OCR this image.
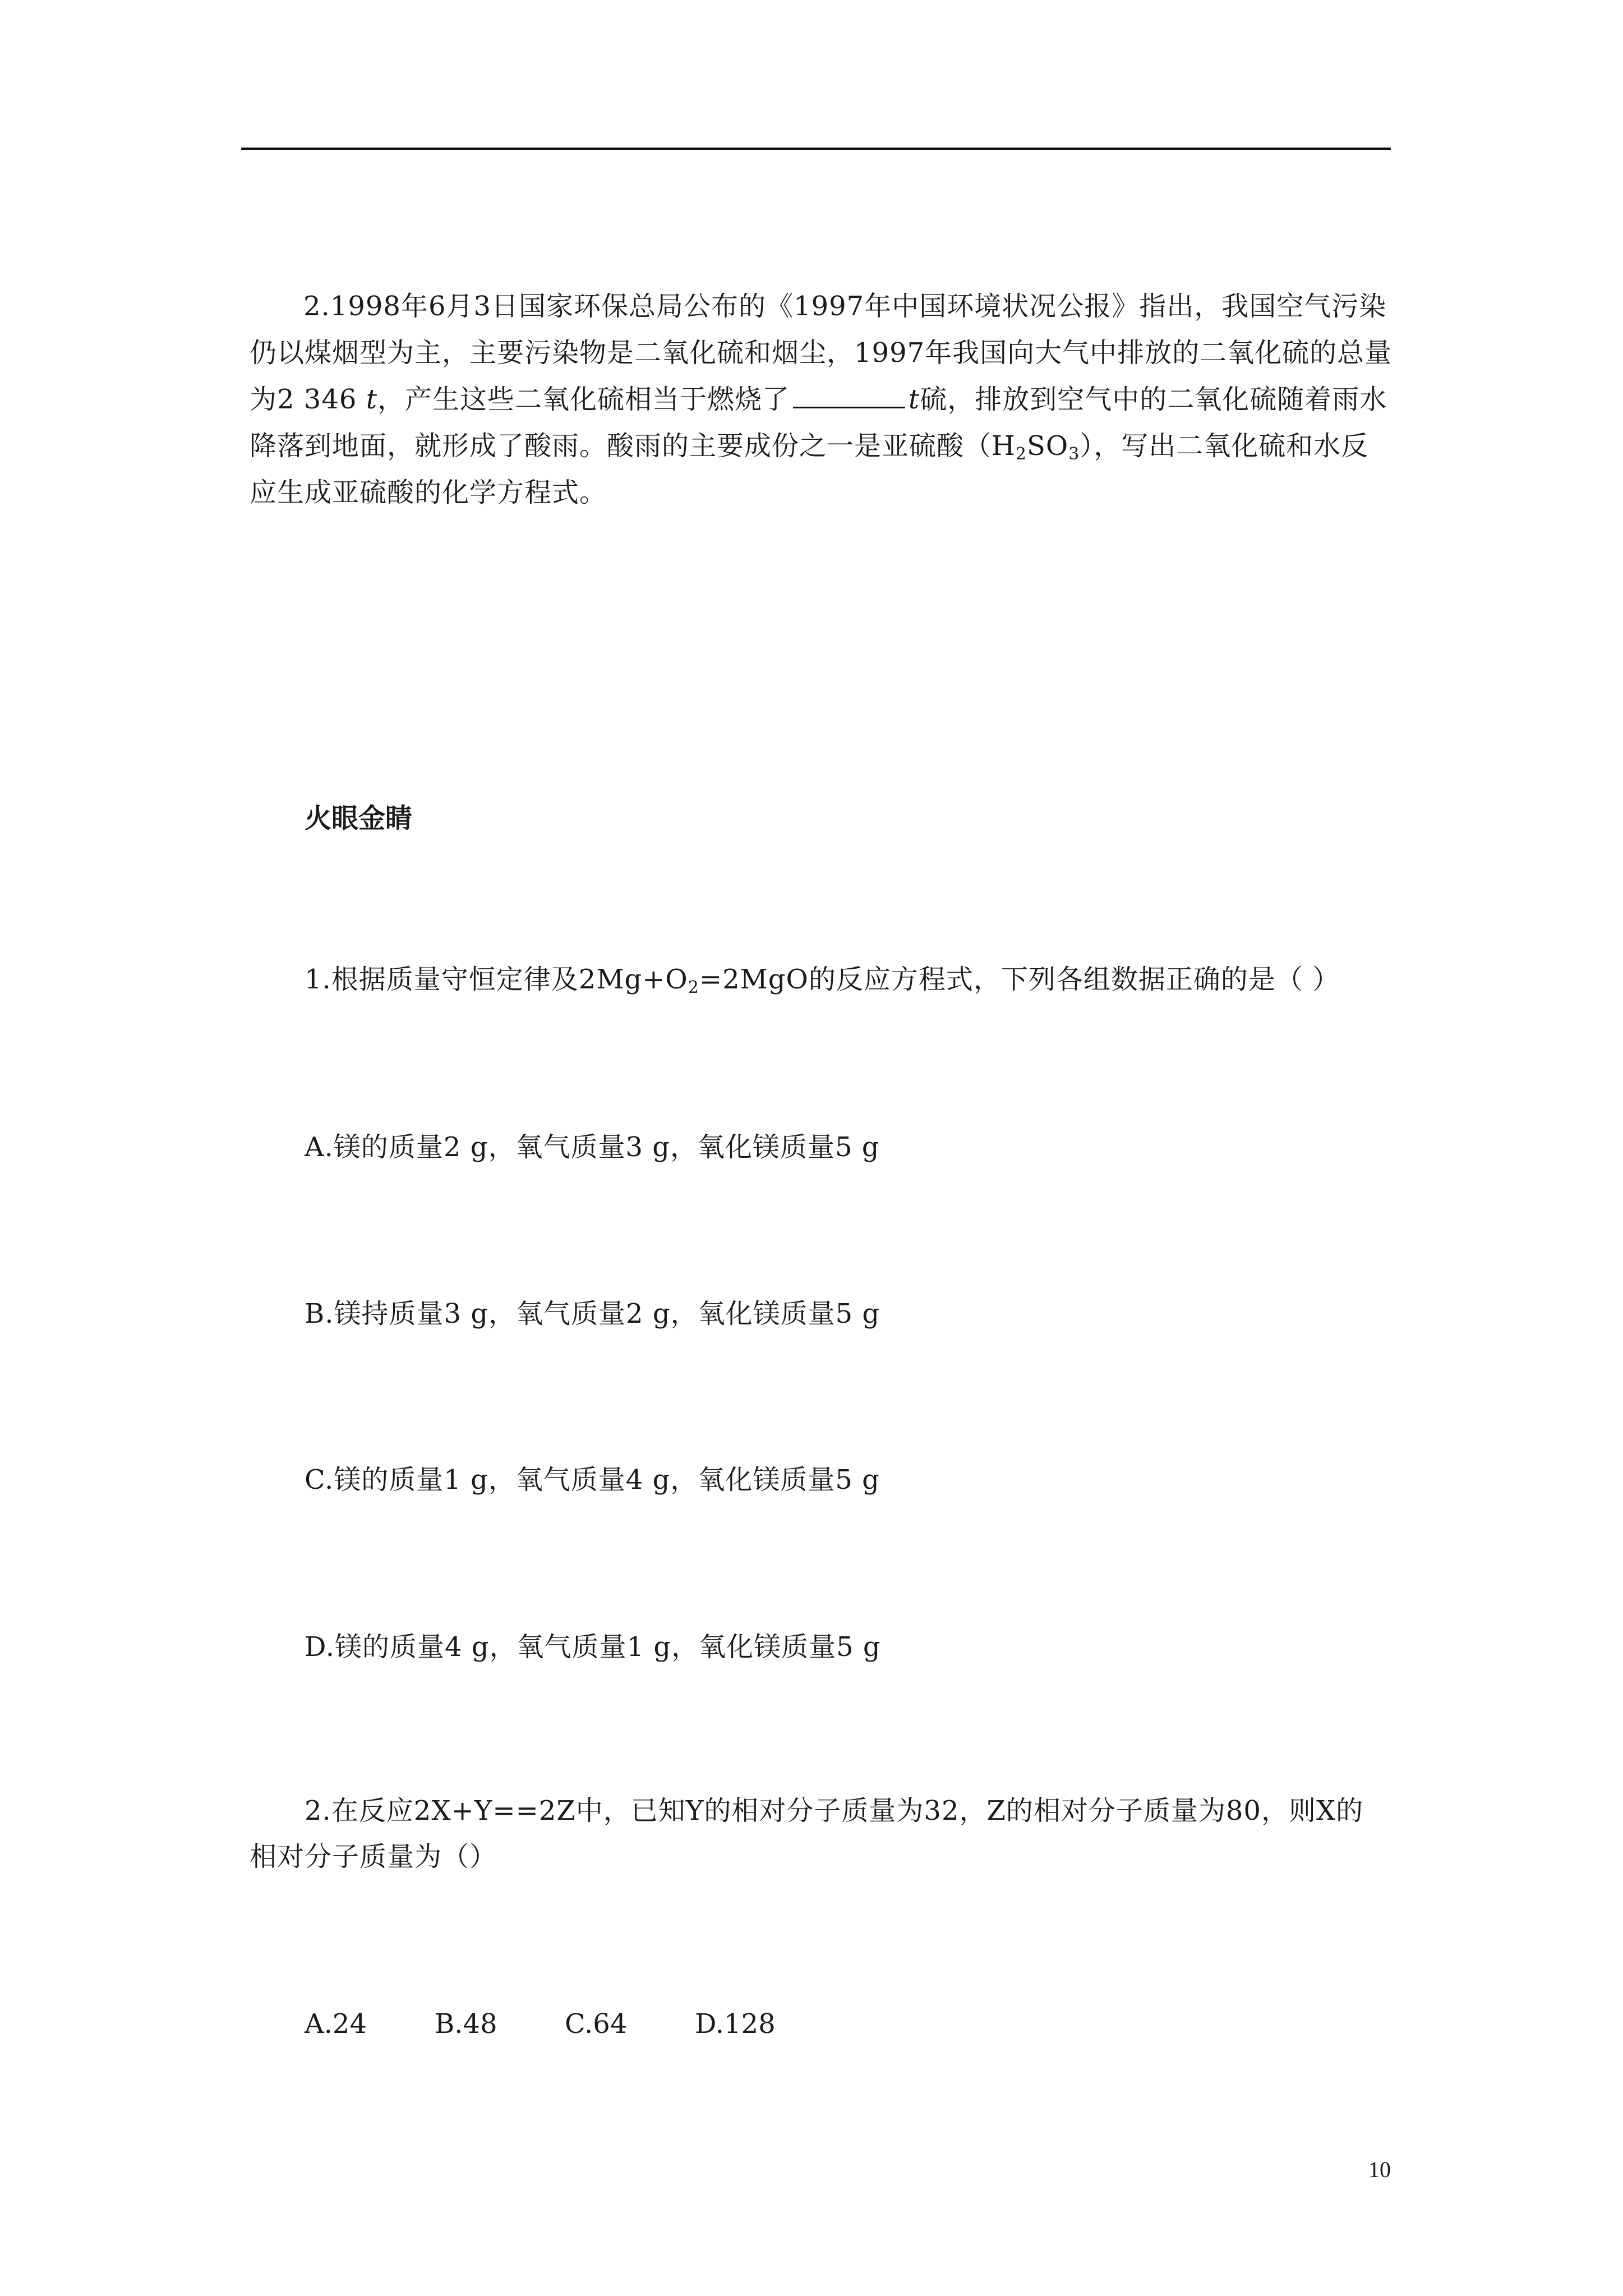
2.1998年6月3日国家环保总局公布的《1997年中国环境状况公报》指出，我国空气污染仍以煤烟型为主，主要污染物是二氧化硫和烟尘，1997年我国向大气中排放的二氧化硫的总量为2 346 t，产生这些二氧化硫相当于燃烧了	t硫，排放到空气中的二氧化硫随着雨水降落到地面，就形成了酸雨。酸雨的主要成份之一是亚硫酸$(H_2SO_3)$，写出二氧化硫和水反应生成亚硫酸的化学方程式。

火眼金睛

1.根据质量守恒定律及$2Mg+O_2=2MgO$的反应方程式，下列各组数据正确的是（ ）

A.镁的质量2 g，氧气质量3 g，氧化镁质量5 g

B.镁持质量3 g，氧气质量2 g，氧化镁质量5 g

C.镁的质量1 g，氧气质量4 g，氧化镁质量5 g

D.镁的质量4 g，氧气质量1 g，氧化镁质量5 g

2.在反应2X+Y==2Z中，已知Y的相对分子质量为32，Z的相对分子质量为80，则X的

相对分子质量为（）

A.24	B.48	C.64	D.128
10
